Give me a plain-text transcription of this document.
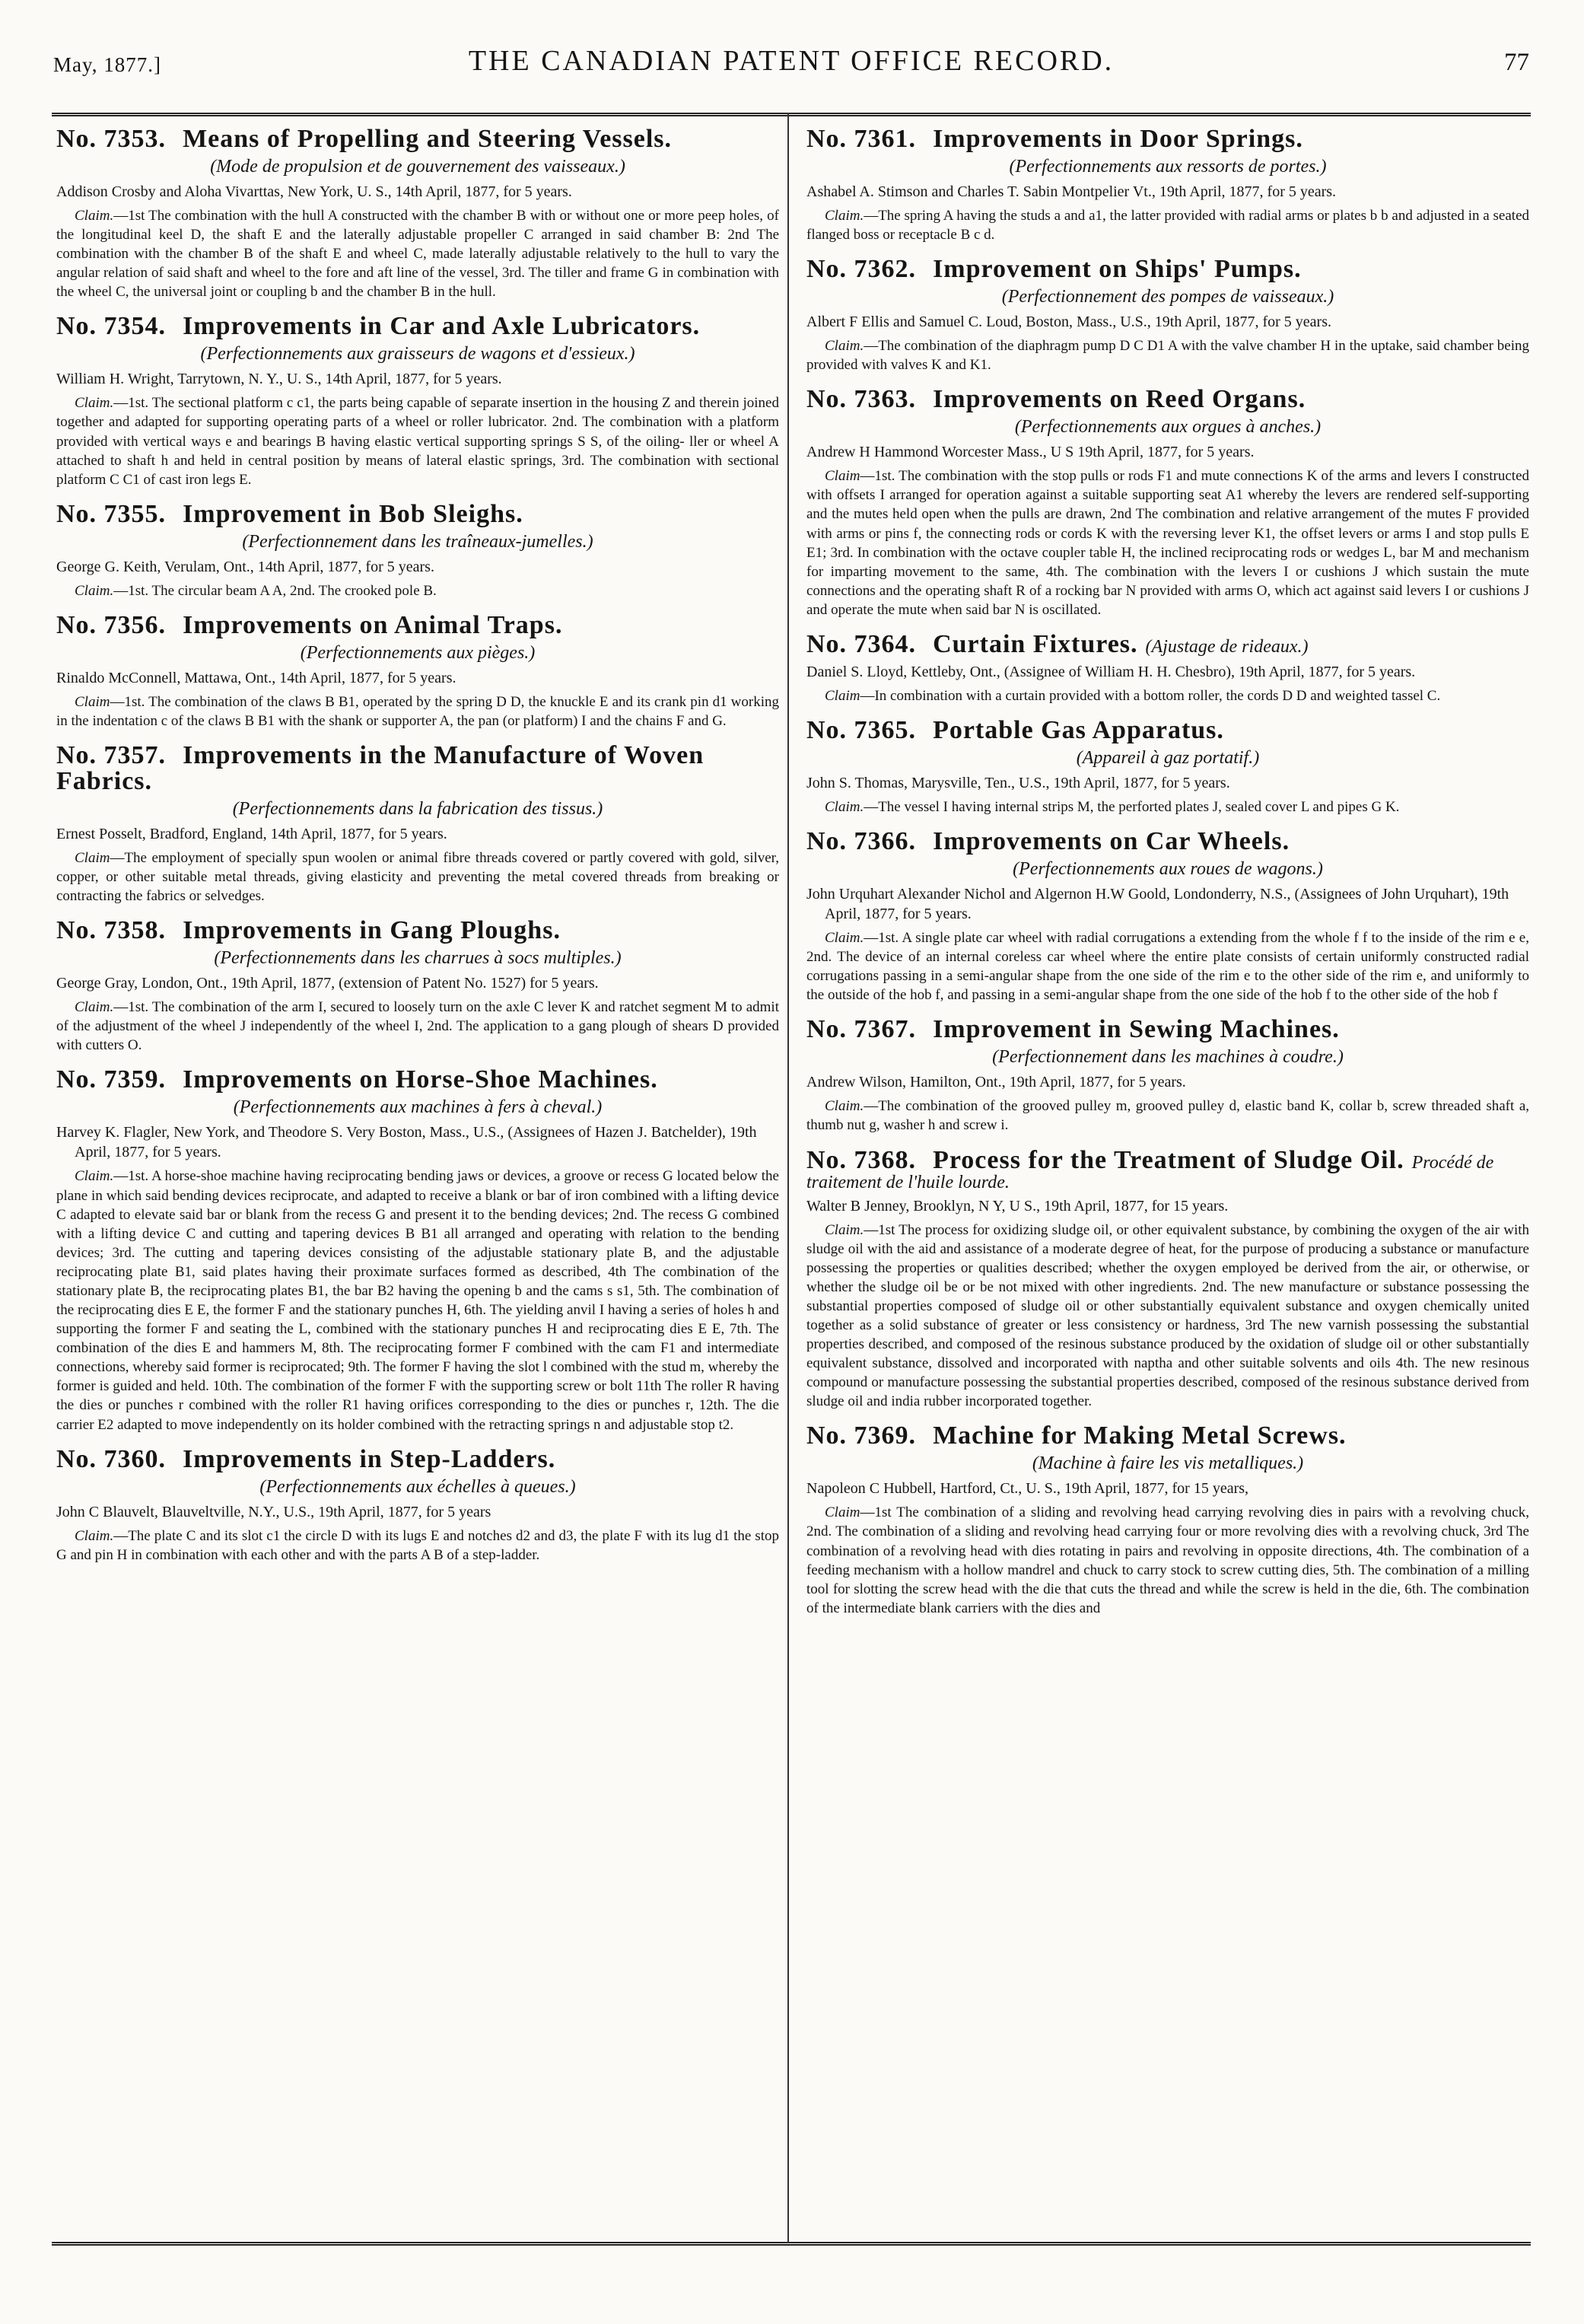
May, 1877.]	THE CANADIAN PATENT OFFICE RECORD.	77
No. 7353. Means of Propelling and Steering Vessels.
(Mode de propulsion et de gouvernement des vaisseaux.)
Addison Crosby and Aloha Vivarttas, New York, U. S., 14th April, 1877, for 5 years.

Claim.—1st The combination with the hull A constructed with the chamber B with or without one or more peep holes, of the longitudinal keel D, the shaft E and the laterally adjustable propeller C arranged in said chamber B: 2nd The combination with the chamber B of the shaft E and wheel C, made laterally adjustable relatively to the hull to vary the angular relation of said shaft and wheel to the fore and aft line of the vessel, 3rd. The tiller and frame G in combination with the wheel C, the universal joint or coupling b and the chamber B in the hull.

No. 7354. Improvements in Car and Axle Lubricators.
(Perfectionnements aux graisseurs de wagons et d'essieux.)
William H. Wright, Tarrytown, N. Y., U. S., 14th April, 1877, for 5 years.

Claim.—1st. The sectional platform c c1, the parts being capable of separate insertion in the housing Z and therein joined together and adapted for supporting operating parts of a wheel or roller lubricator. 2nd. The combination with a platform provided with vertical ways e and bearings B having elastic vertical supporting springs S S, of the oiling- ller or wheel A attached to shaft h and held in central position by means of lateral elastic springs, 3rd. The combination with sectional platform C C1 of cast iron legs E.

No. 7355. Improvement in Bob Sleighs.
(Perfectionnement dans les traîneaux-jumelles.)
George G. Keith, Verulam, Ont., 14th April, 1877, for 5 years.

Claim.—1st. The circular beam A A, 2nd. The crooked pole B.

No. 7356. Improvements on Animal Traps.
(Perfectionnements aux pièges.)
Rinaldo McConnell, Mattawa, Ont., 14th April, 1877, for 5 years.

Claim—1st. The combination of the claws B B1, operated by the spring D D, the knuckle E and its crank pin d1 working in the indentation c of the claws B B1 with the shank or supporter A, the pan (or platform) I and the chains F and G.

No. 7357. Improvements in the Manufacture of Woven Fabrics.
(Perfectionnements dans la fabrication des tissus.)
Ernest Posselt, Bradford, England, 14th April, 1877, for 5 years.

Claim—The employment of specially spun woolen or animal fibre threads covered or partly covered with gold, silver, copper, or other suitable metal threads, giving elasticity and preventing the metal covered threads from breaking or contracting the fabrics or selvedges.

No. 7358. Improvements in Gang Ploughs.
(Perfectionnements dans les charrues à socs multiples.)
George Gray, London, Ont., 19th April, 1877, (extension of Patent No. 1527) for 5 years.

Claim.—1st. The combination of the arm I, secured to loosely turn on the axle C lever K and ratchet segment M to admit of the adjustment of the wheel J independently of the wheel I, 2nd. The application to a gang plough of shears D provided with cutters O.

No. 7359. Improvements on Horse-Shoe Machines.
(Perfectionnements aux machines à fers à cheval.)
Harvey K. Flagler, New York, and Theodore S. Very Boston, Mass., U.S., (Assignees of Hazen J. Batchelder), 19th April, 1877, for 5 years.

Claim.—1st. A horse-shoe machine having reciprocating bending jaws or devices, a groove or recess G located below the plane in which said bending devices reciprocate, and adapted to receive a blank or bar of iron combined with a lifting device C adapted to elevate said bar or blank from the recess G and present it to the bending devices; 2nd. The recess G combined with a lifting device C and cutting and tapering devices B B1 all arranged and operating with relation to the bending devices; 3rd. The cutting and tapering devices consisting of the adjustable stationary plate B, and the adjustable reciprocating plate B1, said plates having their proximate surfaces formed as described, 4th The combination of the stationary plate B, the reciprocating plates B1, the bar B2 having the opening b and the cams s s1, 5th. The combination of the reciprocating dies E E, the former F and the stationary punches H, 6th. The yielding anvil I having a series of holes h and supporting the former F and seating the L, combined with the stationary punches H and reciprocating dies E E, 7th. The combination of the dies E and hammers M, 8th. The reciprocating former F combined with the cam F1 and intermediate connections, whereby said former is reciprocated; 9th. The former F having the slot l combined with the stud m, whereby the former is guided and held. 10th. The combination of the former F with the supporting screw or bolt 11th The roller R having the dies or punches r combined with the roller R1 having orifices corresponding to the dies or punches r, 12th. The die carrier E2 adapted to move independently on its holder combined with the retracting springs n and adjustable stop t2.

No. 7360. Improvements in Step-Ladders.
(Perfectionnements aux échelles à queues.)
John C Blauvelt, Blauveltville, N.Y., U.S., 19th April, 1877, for 5 years

Claim.—The plate C and its slot c1 the circle D with its lugs E and notches d2 and d3, the plate F with its lug d1 the stop G and pin H in combination with each other and with the parts A B of a step-ladder.

No. 7361. Improvements in Door Springs.
(Perfectionnements aux ressorts de portes.)
Ashabel A. Stimson and Charles T. Sabin Montpelier Vt., 19th April, 1877, for 5 years.

Claim.—The spring A having the studs a and a1, the latter provided with radial arms or plates b b and adjusted in a seated flanged boss or receptacle B c d.

No. 7362. Improvement on Ships' Pumps.
(Perfectionnement des pompes de vaisseaux.)
Albert F Ellis and Samuel C. Loud, Boston, Mass., U.S., 19th April, 1877, for 5 years.

Claim.—The combination of the diaphragm pump D C D1 A with the valve chamber H in the uptake, said chamber being provided with valves K and K1.

No. 7363. Improvements on Reed Organs.
(Perfectionnements aux orgues à anches.)
Andrew H Hammond Worcester Mass., U S 19th April, 1877, for 5 years.

Claim—1st. The combination with the stop pulls or rods F1 and mute connections K of the arms and levers I constructed with offsets I arranged for operation against a suitable supporting seat A1 whereby the levers are rendered self-supporting and the mutes held open when the pulls are drawn, 2nd The combination and relative arrangement of the mutes F provided with arms or pins f, the connecting rods or cords K with the reversing lever K1, the offset levers or arms I and stop pulls E E1; 3rd. In combination with the octave coupler table H, the inclined reciprocating rods or wedges L, bar M and mechanism for imparting movement to the same, 4th. The combination with the levers I or cushions J which sustain the mute connections and the operating shaft R of a rocking bar N provided with arms O, which act against said levers I or cushions J and operate the mute when said bar N is oscillated.

No. 7364. Curtain Fixtures. (Ajustage de rideaux.)
Daniel S. Lloyd, Kettleby, Ont., (Assignee of William H. H. Chesbro), 19th April, 1877, for 5 years.

Claim—In combination with a curtain provided with a bottom roller, the cords D D and weighted tassel C.

No. 7365. Portable Gas Apparatus.
(Appareil à gaz portatif.)
John S. Thomas, Marysville, Ten., U.S., 19th April, 1877, for 5 years.

Claim.—The vessel I having internal strips M, the perforted plates J, sealed cover L and pipes G K.

No. 7366. Improvements on Car Wheels.
(Perfectionnements aux roues de wagons.)
John Urquhart Alexander Nichol and Algernon H.W Goold, Londonderry, N.S., (Assignees of John Urquhart), 19th April, 1877, for 5 years.

Claim.—1st. A single plate car wheel with radial corrugations a extending from the whole f f to the inside of the rim e e, 2nd. The device of an internal coreless car wheel where the entire plate consists of certain uniformly constructed radial corrugations passing in a semi-angular shape from the one side of the rim e to the other side of the rim e, and uniformly to the outside of the hob f, and passing in a semi-angular shape from the one side of the hob f to the other side of the hob f

No. 7367. Improvement in Sewing Machines.
(Perfectionnement dans les machines à coudre.)
Andrew Wilson, Hamilton, Ont., 19th April, 1877, for 5 years.

Claim.—The combination of the grooved pulley m, grooved pulley d, elastic band K, collar b, screw threaded shaft a, thumb nut g, washer h and screw i.

No. 7368. Process for the Treatment of Sludge Oil. Procédé de traitement de l'huile lourde.
Walter B Jenney, Brooklyn, N Y, U S., 19th April, 1877, for 15 years.

Claim.—1st The process for oxidizing sludge oil, or other equivalent substance, by combining the oxygen of the air with sludge oil with the aid and assistance of a moderate degree of heat, for the purpose of producing a substance or manufacture possessing the properties or qualities described; whether the oxygen employed be derived from the air, or otherwise, or whether the sludge oil be or be not mixed with other ingredients. 2nd. The new manufacture or substance possessing the substantial properties composed of sludge oil or other substantially equivalent substance and oxygen chemically united together as a solid substance of greater or less consistency or hardness, 3rd The new varnish possessing the substantial properties described, and composed of the resinous substance produced by the oxidation of sludge oil or other substantially equivalent substance, dissolved and incorporated with naptha and other suitable solvents and oils 4th. The new resinous compound or manufacture possessing the substantial properties described, composed of the resinous substance derived from sludge oil and india rubber incorporated together.

No. 7369. Machine for Making Metal Screws.
(Machine à faire les vis metalliques.)
Napoleon C Hubbell, Hartford, Ct., U. S., 19th April, 1877, for 15 years,

Claim—1st The combination of a sliding and revolving head carrying revolving dies in pairs with a revolving chuck, 2nd. The combination of a sliding and revolving head carrying four or more revolving dies with a revolving chuck, 3rd The combination of a revolving head with dies rotating in pairs and revolving in opposite directions, 4th. The combination of a feeding mechanism with a hollow mandrel and chuck to carry stock to screw cutting dies, 5th. The combination of a milling tool for slotting the screw head with the die that cuts the thread and while the screw is held in the die, 6th. The combination of the intermediate blank carriers with the dies and
